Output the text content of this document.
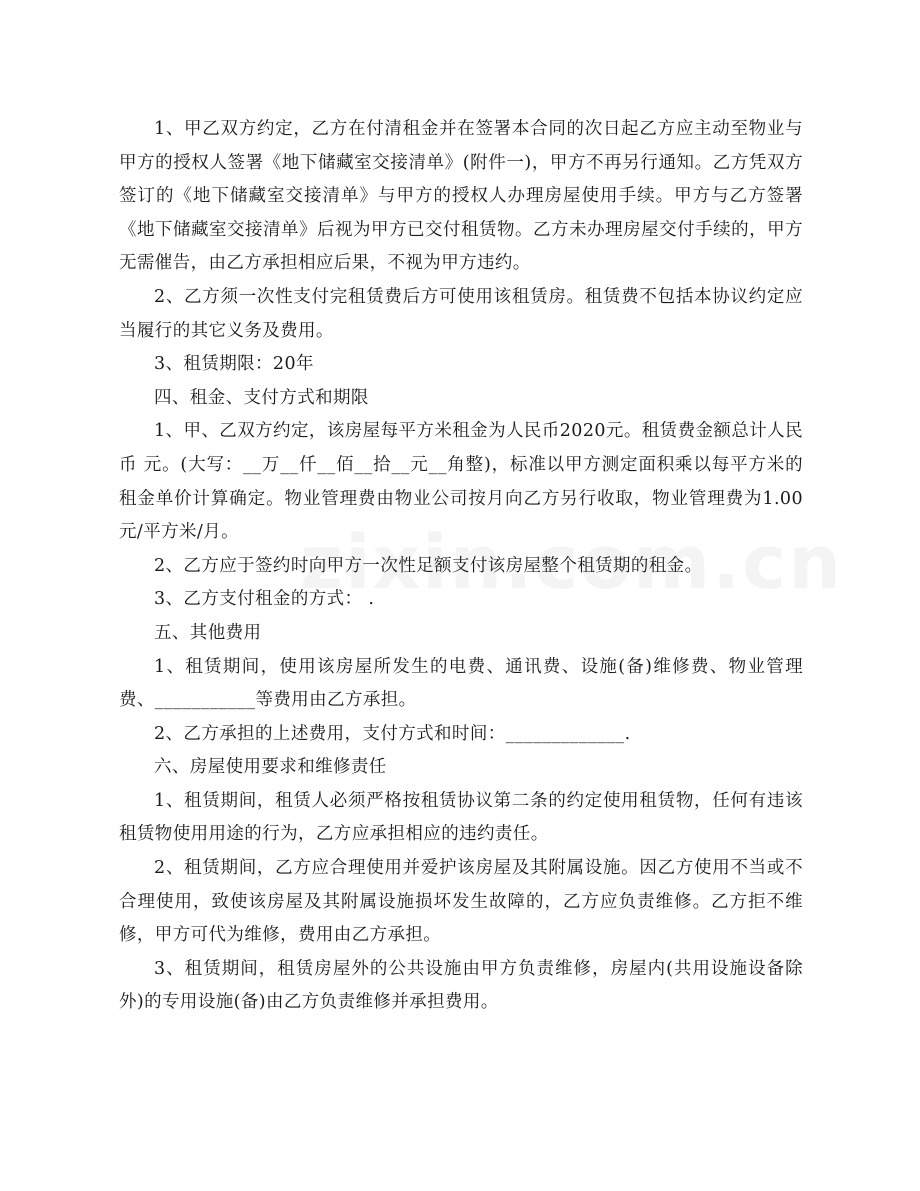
1、甲乙双方约定，乙方在付清租金并在签署本合同的次日起乙方应主动至物业与甲方的授权人签署《地下储藏室交接清单》(附件一)，甲方不再另行通知。乙方凭双方签订的《地下储藏室交接清单》与甲方的授权人办理房屋使用手续。甲方与乙方签署《地下储藏室交接清单》后视为甲方已交付租赁物。乙方未办理房屋交付手续的，甲方无需催告，由乙方承担相应后果，不视为甲方违约。

2、乙方须一次性支付完租赁费后方可使用该租赁房。租赁费不包括本协议约定应当履行的其它义务及费用。

3、租赁期限：20年

四、租金、支付方式和期限

1、甲、乙双方约定，该房屋每平方米租金为人民币2020元。租赁费金额总计人民币 元。(大写：__万__仟__佰__拾__元__角整)，标准以甲方测定面积乘以每平方米的租金单价计算确定。物业管理费由物业公司按月向乙方另行收取，物业管理费为1.00元/平方米/月。

2、乙方应于签约时向甲方一次性足额支付该房屋整个租赁期的租金。

3、乙方支付租金的方式： .

五、其他费用

1、租赁期间，使用该房屋所发生的电费、通讯费、设施(备)维修费、物业管理费、___________等费用由乙方承担。

2、乙方承担的上述费用，支付方式和时间：_____________.

六、房屋使用要求和维修责任

1、租赁期间，租赁人必须严格按租赁协议第二条的约定使用租赁物，任何有违该租赁物使用用途的行为，乙方应承担相应的违约责任。

2、租赁期间，乙方应合理使用并爱护该房屋及其附属设施。因乙方使用不当或不合理使用，致使该房屋及其附属设施损坏发生故障的，乙方应负责维修。乙方拒不维修，甲方可代为维修，费用由乙方承担。

3、租赁期间，租赁房屋外的公共设施由甲方负责维修，房屋内(共用设施设备除外)的专用设施(备)由乙方负责维修并承担费用。
